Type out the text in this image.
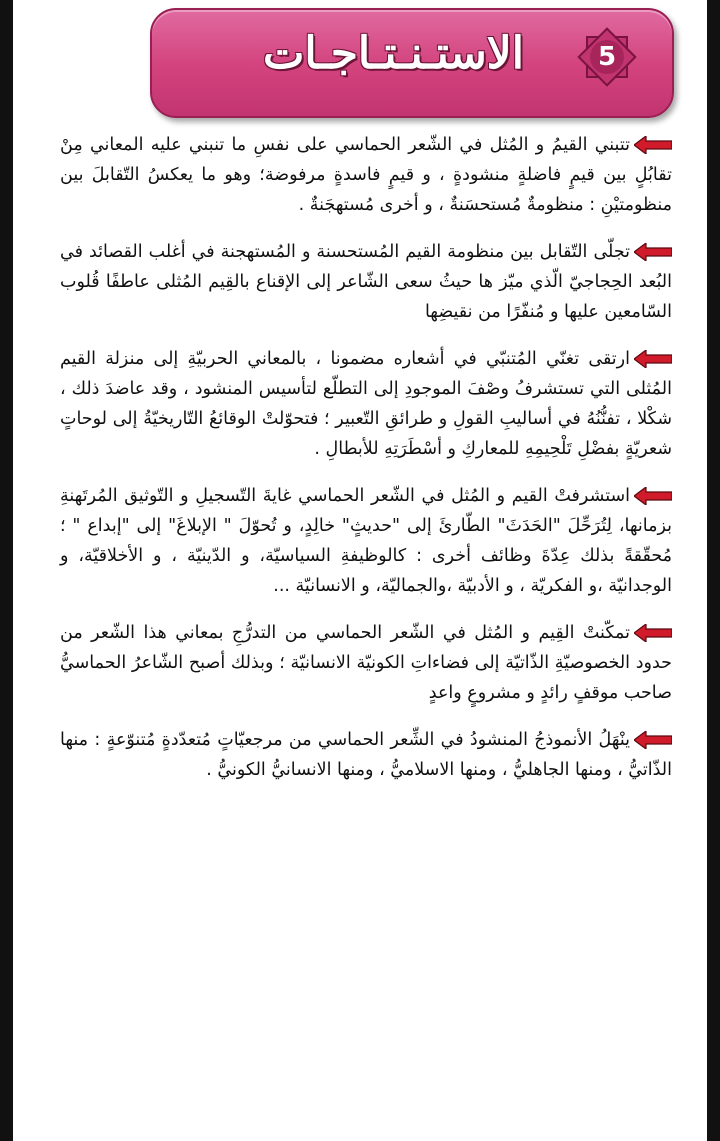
الاستـنـتـاجـات	5

تتبني القيمُ و المُثل في الشّعر الحماسي على نفسِ ما تنبني عليه المعاني مِنْ تقابُلٍ بين قيمٍ فاضلةٍ منشودةٍ ، و قيمٍ فاسدةٍ مرفوضة؛ وهو ما يعكسُ التّقابلَ بين منظومتيْنِ : منظومةٌ مُستحسَنةٌ ، و أخرى مُستهجَنةٌ .

تجلّى التّقابل بين منظومة القيم المُستحسنة و المُستهجنة في أغلب القصائد في البُعد الحِجاجيّ الّذي ميّز ها حيثُ سعى الشّاعر إلى الإقناع بالقِيم المُثلى عاطفًا قُلوب السّامعين عليها و مُنفّرًا من نقيضِها

ارتقى تغنّي المُتنبّي في أشعاره مضمونا ، بالمعاني الحربيّةِ إلى منزلة القيم المُثلى التي تستشرفُ وصْفَ الموجودِ إلى التطلّع لتأسيس المنشود ، وقد عاضدَ ذلك ، شكْلا ، تفنُّنُهُ في أساليبِ القولِ و طرائقِ التّعبير ؛ فتحوّلتْ الوقائعُ التّاريخيّةُ إلى لوحاتٍ شعريّةٍ بفضْلِ تَلْحِيمِهِ للمعاركِ و أسْطَرَتِهِ للأبطالِ .

استشرفتْ القيم و المُثل في الشّعر الحماسي غايةَ التّسجيلِ و التّوثيق المُرتَهنةِ بزمانها، لِتُرَحِّلَ "الحَدَثَ" الطّارئَ إلى "حديثٍ" خالِدٍ، و تُحوّلَ " الإبلاغَ" إلى "إبداع " ؛ مُحقّقةً بذلك عِدّةَ وظائف أخرى : كالوظيفةِ السياسيّة، و الدّينيّة ، و الأخلاقيّة، و الوجدانيّة ،و الفكريّة ، و الأدبيّة ،والجماليّة، و الانسانيّة ...

تمكّنتْ القِيم و المُثل في الشّعر الحماسي من التدرُّجِ بمعاني هذا الشّعر من حدود الخصوصيّةِ الذّاتيّة إلى فضاءاتِ الكونيّة الانسانيّة ؛ وبذلك أصبح الشّاعرُ الحماسيُّ صاحب موقفٍ رائدٍ و مشروعٍ واعدٍ

ينْهَلُ الأنموذجُ المنشودُ في الشِّعر الحماسي من مرجعيّاتٍ مُتعدّدةٍ مُتنوّعةٍ : منها الذّاتيُّ ، ومنها الجاهليُّ ، ومنها الاسلاميُّ ، ومنها الانسانيُّ الكونيُّ .
